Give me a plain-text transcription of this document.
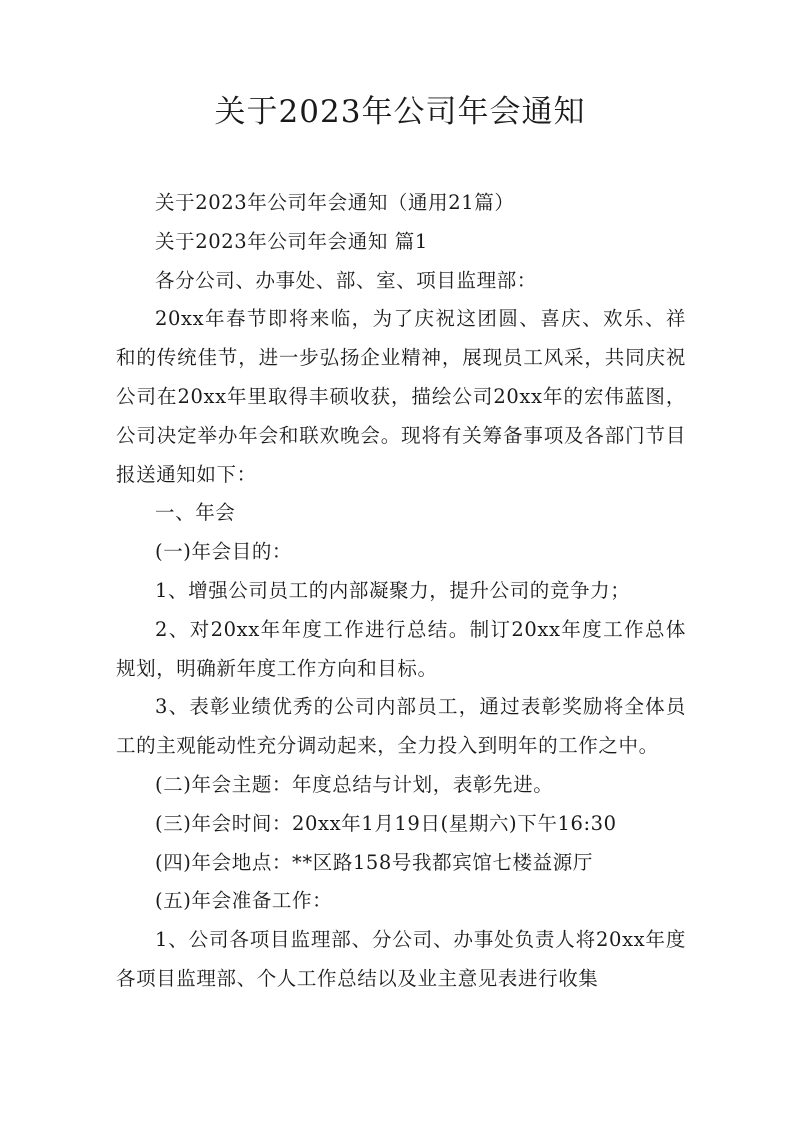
关于2023年公司年会通知

关于2023年公司年会通知（通用21篇）

关于2023年公司年会通知 篇1

各分公司、办事处、部、室、项目监理部：

20xx年春节即将来临，为了庆祝这团圆、喜庆、欢乐、祥和的传统佳节，进一步弘扬企业精神，展现员工风采，共同庆祝公司在20xx年里取得丰硕收获，描绘公司20xx年的宏伟蓝图，公司决定举办年会和联欢晚会。现将有关筹备事项及各部门节目报送通知如下：

一、年会

(一)年会目的：

1、增强公司员工的内部凝聚力，提升公司的竞争力；

2、对20xx年年度工作进行总结。制订20xx年度工作总体规划，明确新年度工作方向和目标。

3、表彰业绩优秀的公司内部员工，通过表彰奖励将全体员工的主观能动性充分调动起来，全力投入到明年的工作之中。

(二)年会主题：年度总结与计划，表彰先进。

(三)年会时间：20xx年1月19日(星期六)下午16:30

(四)年会地点：**区路158号我都宾馆七楼益源厅

(五)年会准备工作：

1、公司各项目监理部、分公司、办事处负责人将20xx年度各项目监理部、个人工作总结以及业主意见表进行收集
